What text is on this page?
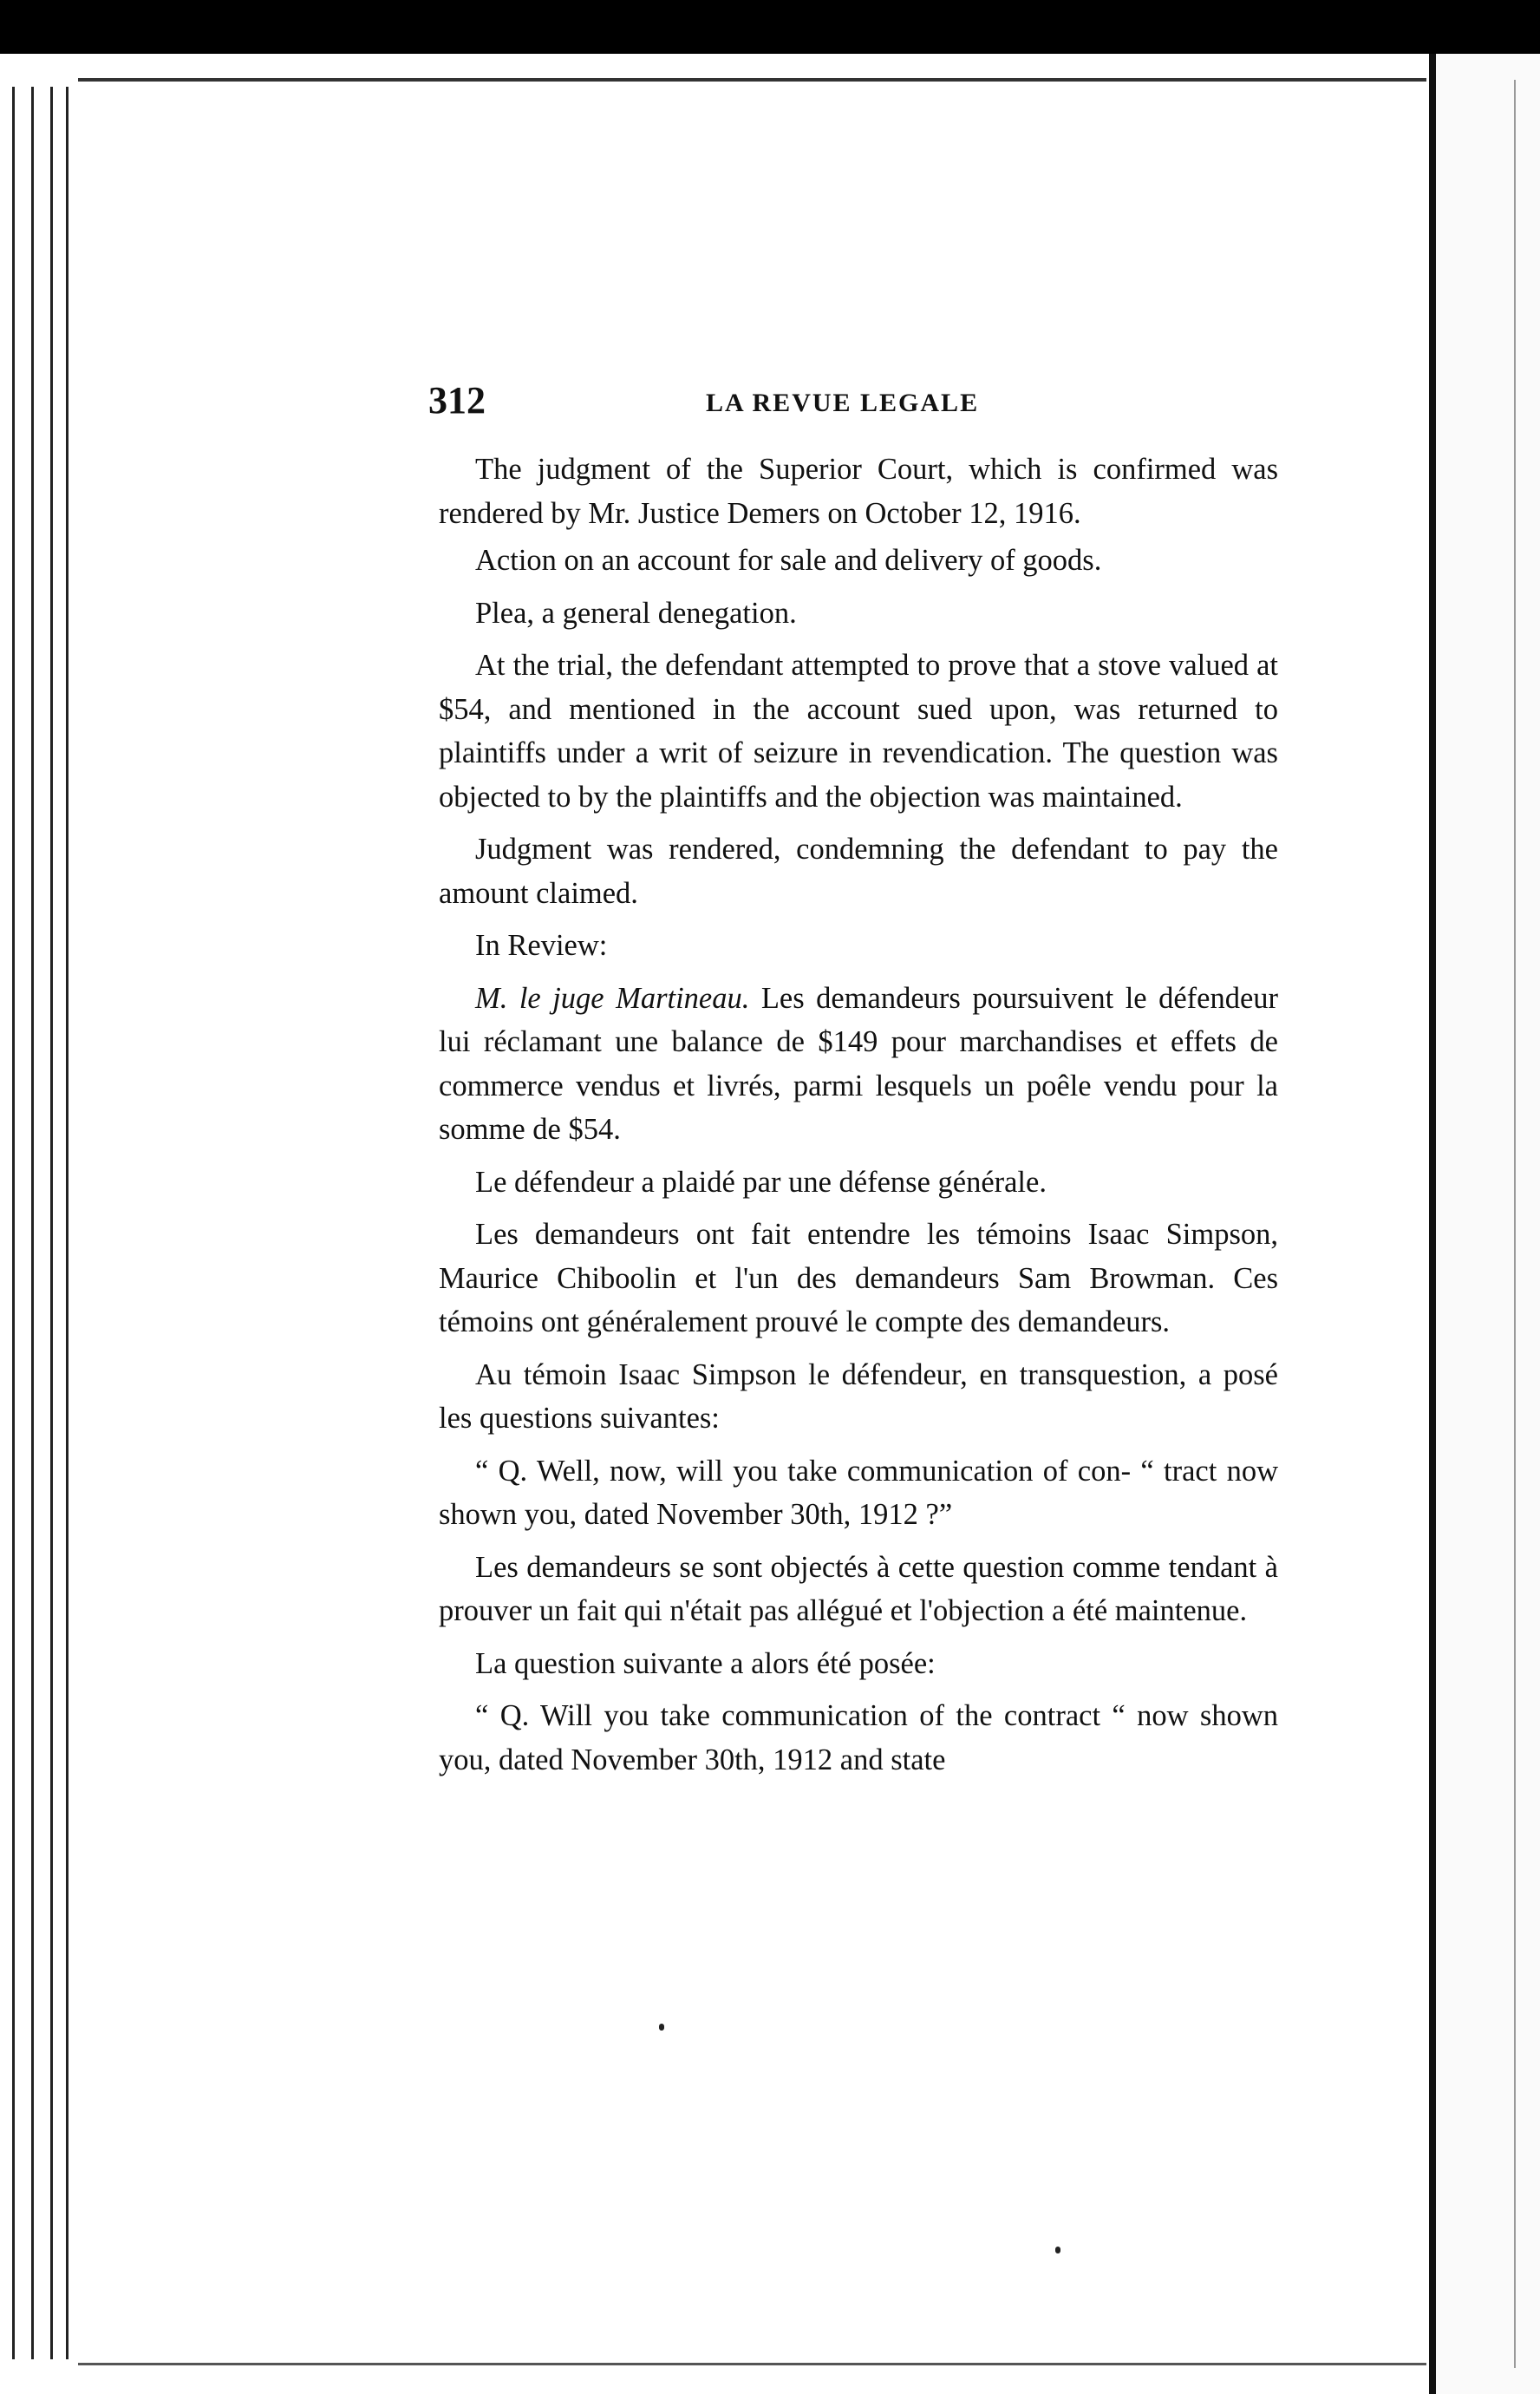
312	LA REVUE LEGALE

The judgment of the Superior Court, which is confirmed was rendered by Mr. Justice Demers on October 12, 1916.

Action on an account for sale and delivery of goods.

Plea, a general denegation.

At the trial, the defendant attempted to prove that a stove valued at $54, and mentioned in the account sued upon, was returned to plaintiffs under a writ of seizure in revendication. The question was objected to by the plaintiffs and the objection was maintained.

Judgment was rendered, condemning the defendant to pay the amount claimed.

In Review:

M. le juge Martineau. Les demandeurs poursuivent le défendeur lui réclamant une balance de $149 pour marchandises et effets de commerce vendus et livrés, parmi lesquels un poêle vendu pour la somme de $54.

Le défendeur a plaidé par une défense générale.

Les demandeurs ont fait entendre les témoins Isaac Simpson, Maurice Chiboolin et l'un des demandeurs Sam Browman. Ces témoins ont généralement prouvé le compte des demandeurs.

Au témoin Isaac Simpson le défendeur, en transquestion, a posé les questions suivantes:

“ Q. Well, now, will you take communication of con- “ tract now shown you, dated November 30th, 1912 ?”

Les demandeurs se sont objectés à cette question comme tendant à prouver un fait qui n'était pas allégué et l'objection a été maintenue.

La question suivante a alors été posée:

“ Q. Will you take communication of the contract “ now shown you, dated November 30th, 1912 and state
